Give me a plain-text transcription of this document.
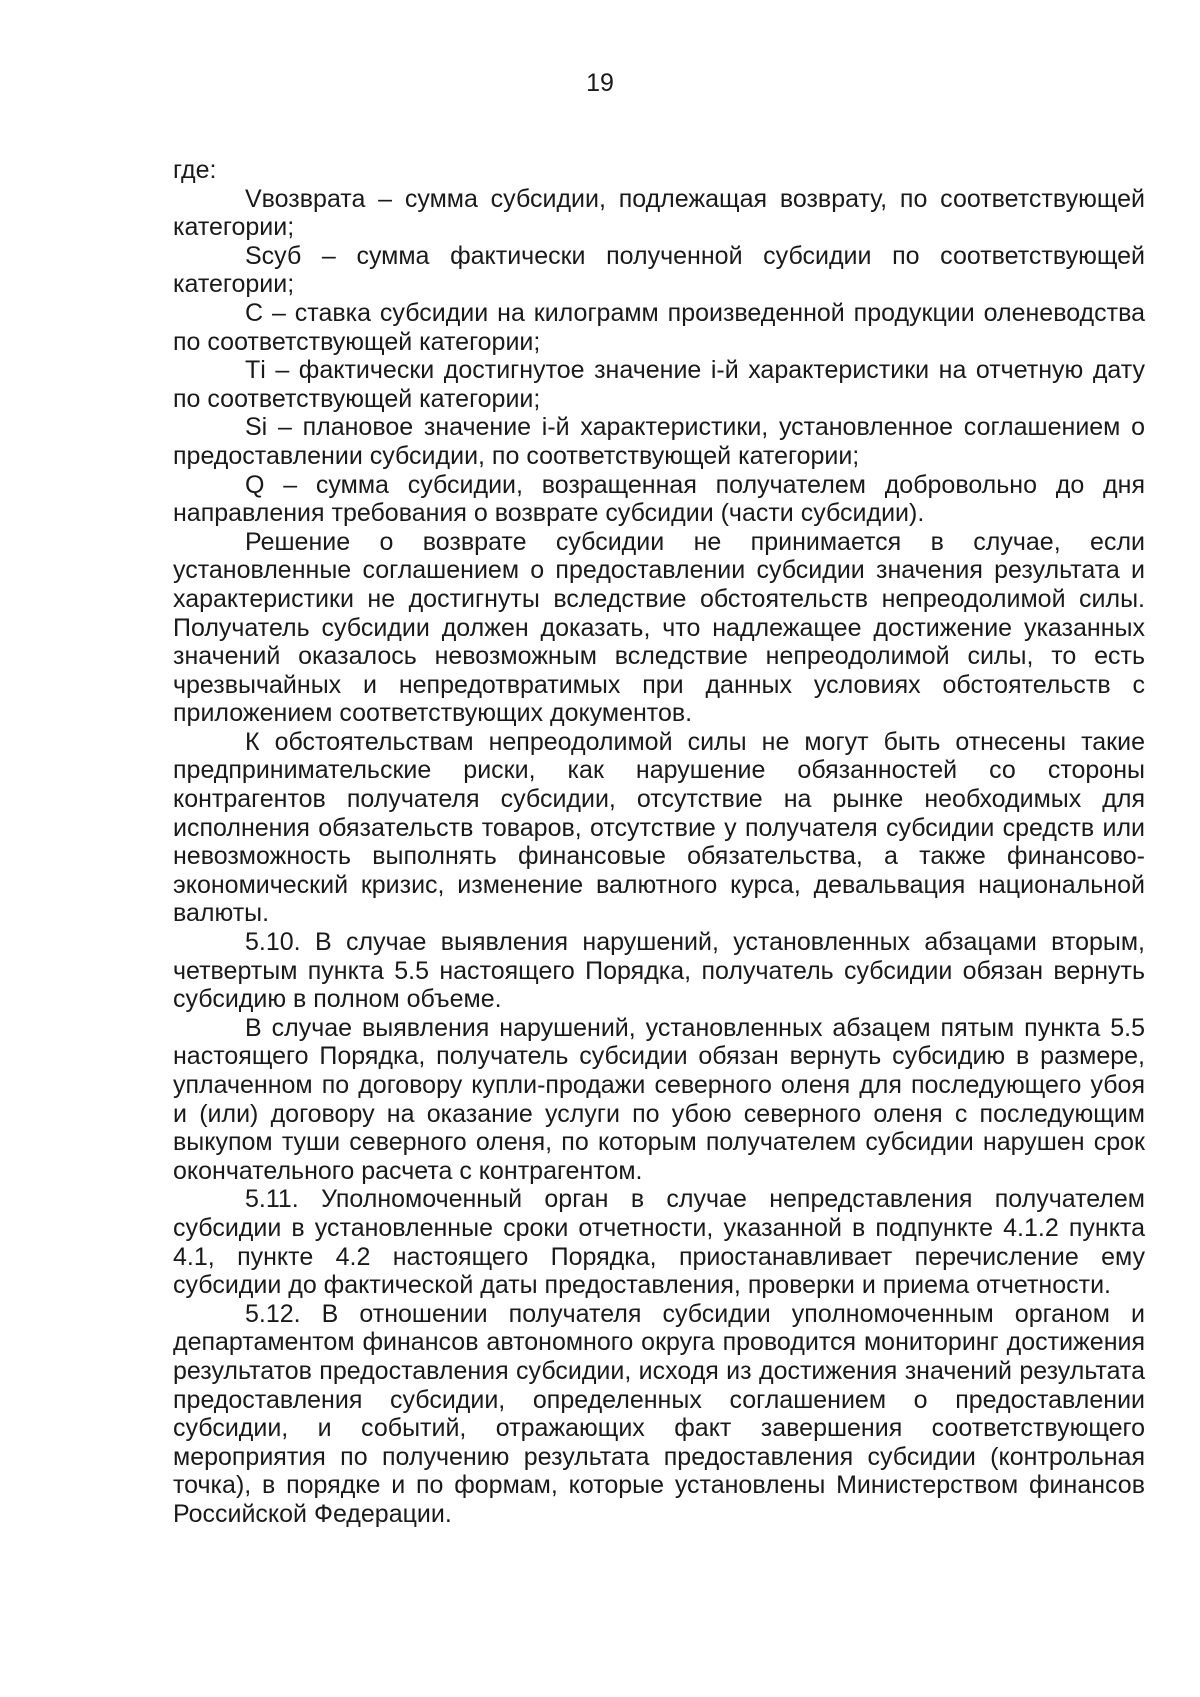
19

где:

Vвозврата – сумма субсидии, подлежащая возврату, по соответствующей категории;

Sсуб – сумма фактически полученной субсидии по соответствующей категории;

С – ставка субсидии на килограмм произведенной продукции оленеводства по соответствующей категории;

Тi – фактически достигнутое значение i-й характеристики на отчетную дату по соответствующей категории;

Si – плановое значение i-й характеристики, установленное соглашением о предоставлении субсидии, по соответствующей категории;

Q – сумма субсидии, возращенная получателем добровольно до дня направления требования о возврате субсидии (части субсидии).

Решение о возврате субсидии не принимается в случае, если установленные соглашением о предоставлении субсидии значения результата и характеристики не достигнуты вследствие обстоятельств непреодолимой силы. Получатель субсидии должен доказать, что надлежащее достижение указанных значений оказалось невозможным вследствие непреодолимой силы, то есть чрезвычайных и непредотвратимых при данных условиях обстоятельств с приложением соответствующих документов.

К обстоятельствам непреодолимой силы не могут быть отнесены такие предпринимательские риски, как нарушение обязанностей со стороны контрагентов получателя субсидии, отсутствие на рынке необходимых для исполнения обязательств товаров, отсутствие у получателя субсидии средств или невозможность выполнять финансовые обязательства, а также финансово-экономический кризис, изменение валютного курса, девальвация национальной валюты.

5.10. В случае выявления нарушений, установленных абзацами вторым, четвертым пункта 5.5 настоящего Порядка, получатель субсидии обязан вернуть субсидию в полном объеме.

В случае выявления нарушений, установленных абзацем пятым пункта 5.5 настоящего Порядка, получатель субсидии обязан вернуть субсидию в размере, уплаченном по договору купли-продажи северного оленя для последующего убоя и (или) договору на оказание услуги по убою северного оленя с последующим выкупом туши северного оленя, по которым получателем субсидии нарушен срок окончательного расчета с контрагентом.

5.11. Уполномоченный орган в случае непредставления получателем субсидии в установленные сроки отчетности, указанной в подпункте 4.1.2 пункта 4.1, пункте 4.2 настоящего Порядка, приостанавливает перечисление ему субсидии до фактической даты предоставления, проверки и приема отчетности.

5.12. В отношении получателя субсидии уполномоченным органом и департаментом финансов автономного округа проводится мониторинг достижения результатов предоставления субсидии, исходя из достижения значений результата предоставления субсидии, определенных соглашением о предоставлении субсидии, и событий, отражающих факт завершения соответствующего мероприятия по получению результата предоставления субсидии (контрольная точка), в порядке и по формам, которые установлены Министерством финансов Российской Федерации.
